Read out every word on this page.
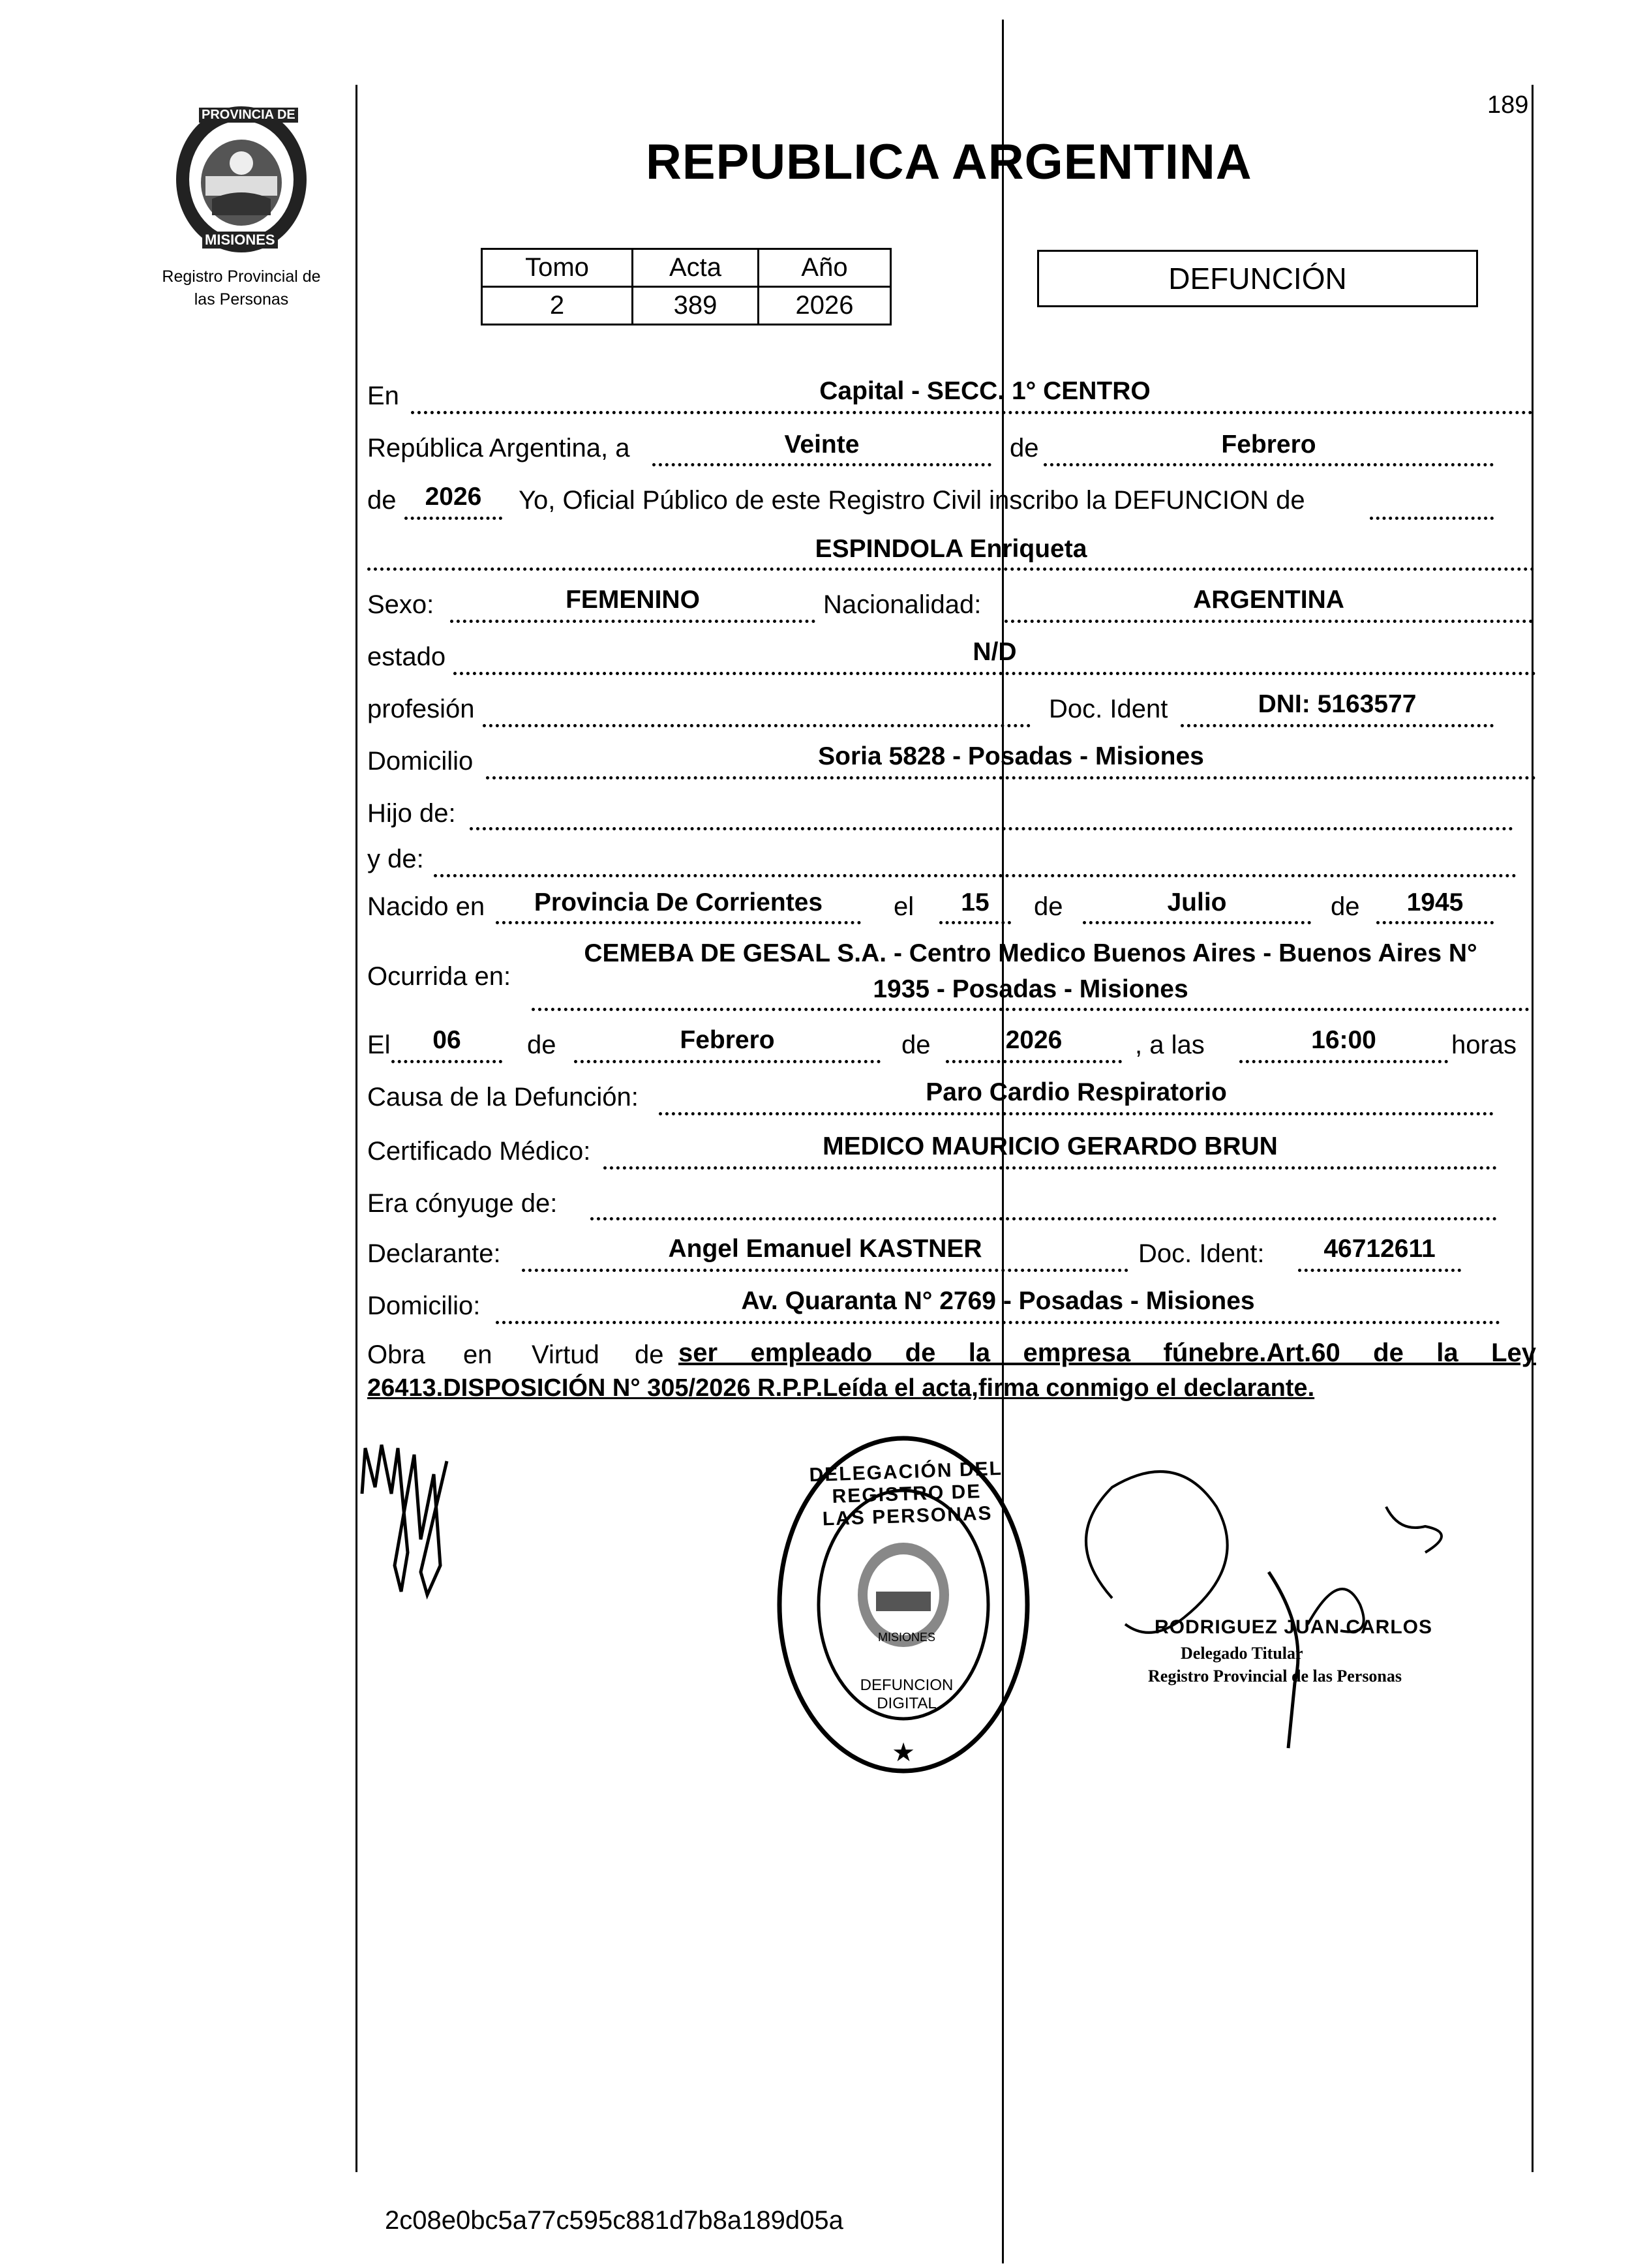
189
PROVINCIA DE
MISIONES
Registro Provincial de
las Personas
REPUBLICA ARGENTINA
Tomo	Acta	Año
2	389	2026
DEFUNCIÓN
En	Capital - SECC. 1° CENTRO
República Argentina, a	Veinte	de	Febrero
de	2026	Yo, Oficial Público de este Registro Civil inscribo la DEFUNCION de
ESPINDOLA Enriqueta
Sexo:	FEMENINO	Nacionalidad:	ARGENTINA
estado	N/D
profesión	Doc. Ident	DNI: 5163577
Domicilio	Soria 5828 - Posadas - Misiones
Hijo de:
y de:
Nacido en	Provincia De Corrientes	el	15	de	Julio	de	1945
Ocurrida en:
CEMEBA DE GESAL S.A. - Centro Medico Buenos Aires - Buenos Aires N°
1935 - Posadas - Misiones
El	06	de	Febrero	de	2026	, a las	16:00	horas
Causa de la Defunción:	Paro Cardio Respiratorio
Certificado Médico:	MEDICO MAURICIO GERARDO BRUN
Era cónyuge de:
Declarante:	Angel Emanuel KASTNER	Doc. Ident:	46712611
Domicilio:	Av. Quaranta N° 2769 - Posadas - Misiones
Obra en Virtud de ser empleado de la empresa fúnebre.Art.60 de la Ley
26413.DISPOSICIÓN N° 305/2026 R.P.P.Leída el acta,firma conmigo el declarante.
★
DELEGACIÓN DEL REGISTRO DE LAS PERSONAS
DEFUNCION DIGITAL
MISIONES	RODRIGUEZ JUAN CARLOS
Delegado Titular
Registro Provincial de las Personas
2c08e0bc5a77c595c881d7b8a189d05a
